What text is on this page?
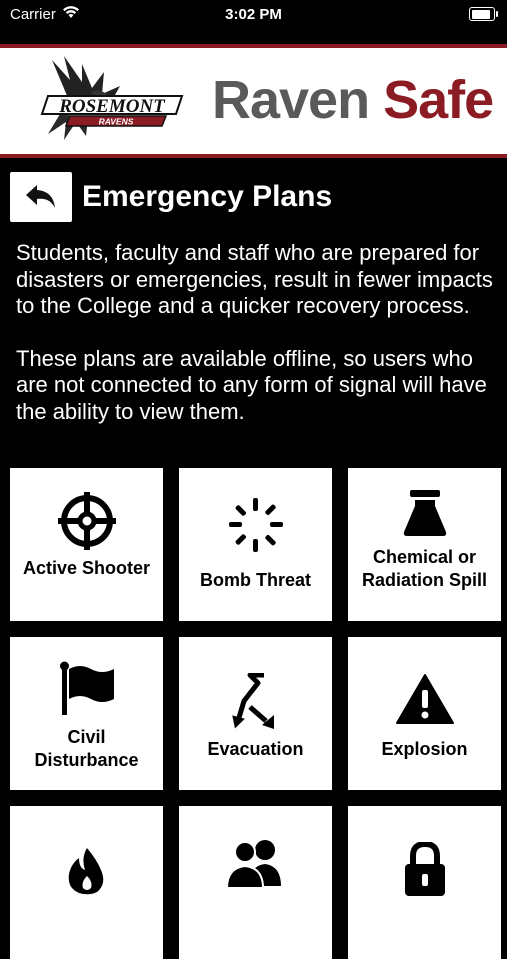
Carrier	3:02 PM
ROSEMONT
RAVENS Raven Safe
Emergency Plans

Students, faculty and staff who are prepared for disasters or emergencies, result in fewer impacts to the College and a quicker recovery process.

These plans are available offline, so users who are not connected to any form of signal will have the ability to view them.

Active Shooter
Bomb Threat
Chemical or Radiation Spill
Civil Disturbance
Evacuation	Explosion
